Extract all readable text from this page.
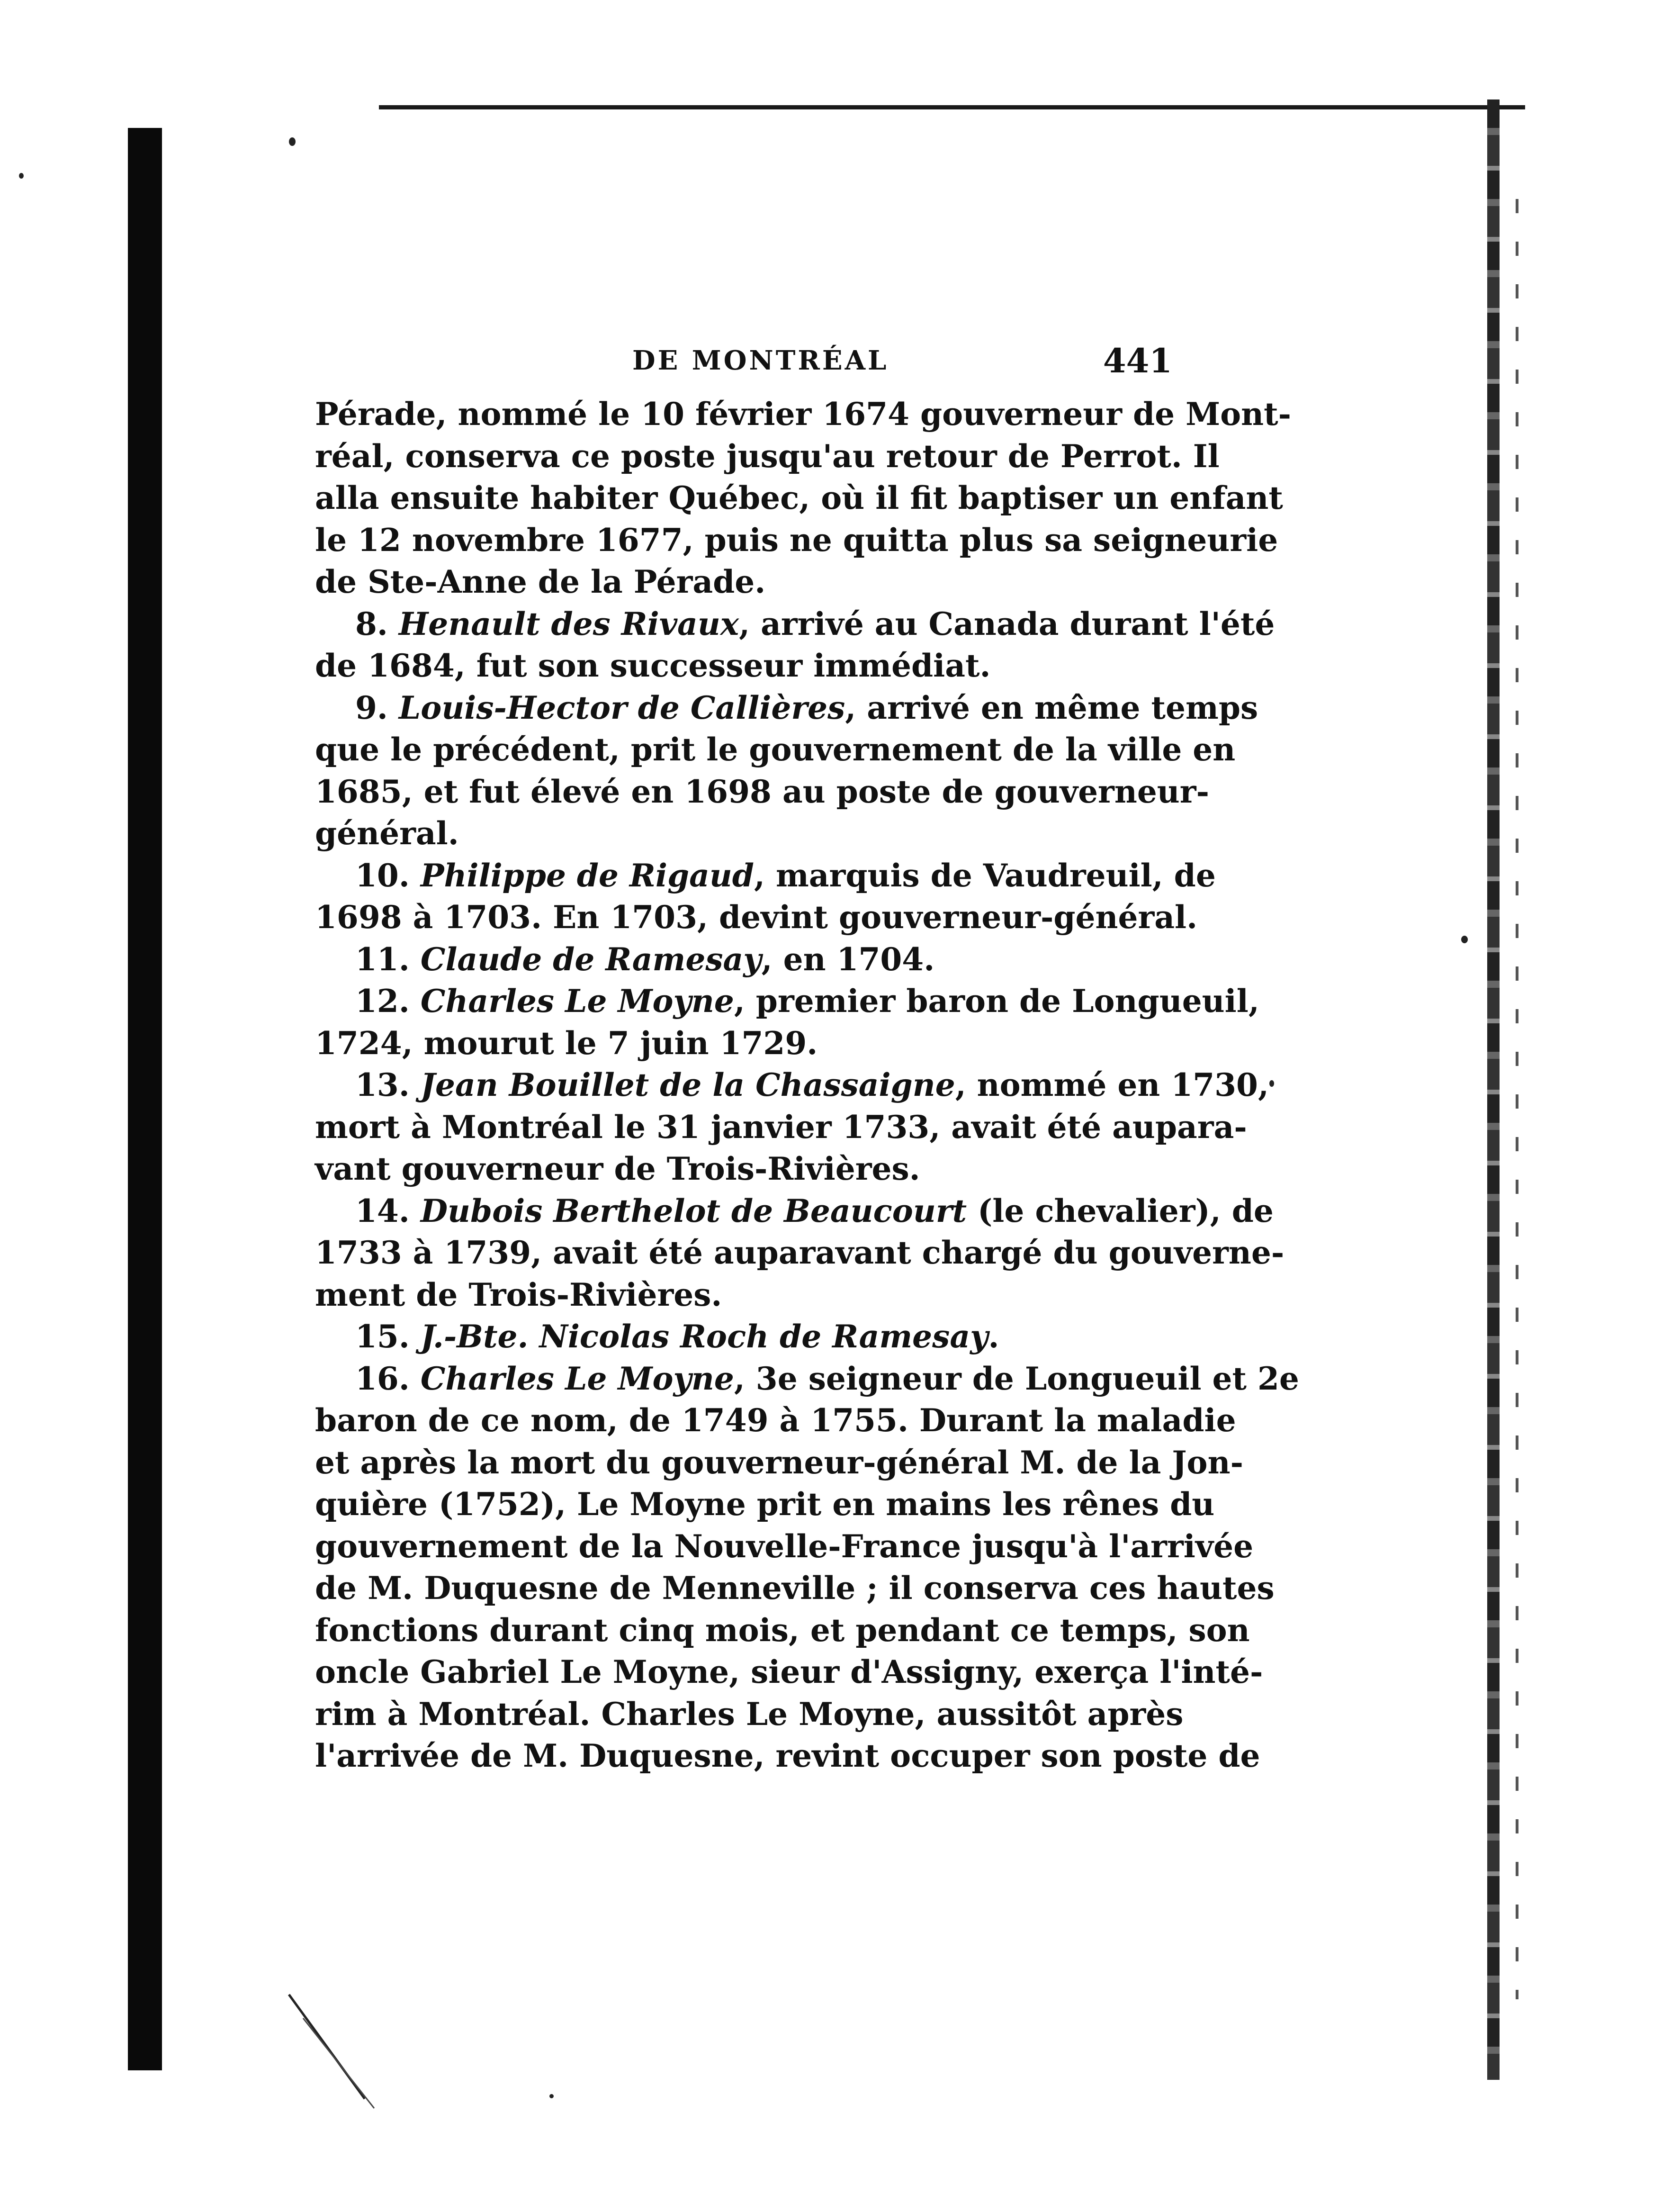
DE MONTRÉAL	441
Pérade, nommé le 10 février 1674 gouverneur de Mont-
réal, conserva ce poste jusqu'au retour de Perrot. Il
alla ensuite habiter Québec, où il fit baptiser un enfant
le 12 novembre 1677, puis ne quitta plus sa seigneurie
de Ste-Anne de la Pérade.
8. Henault des Rivaux, arrivé au Canada durant l'été
de 1684, fut son successeur immédiat.
9. Louis-Hector de Callières, arrivé en même temps
que le précédent, prit le gouvernement de la ville en
1685, et fut élevé en 1698 au poste de gouverneur-
général.
10. Philippe de Rigaud, marquis de Vaudreuil, de
1698 à 1703. En 1703, devint gouverneur-général.
11. Claude de Ramesay, en 1704.
12. Charles Le Moyne, premier baron de Longueuil,
1724, mourut le 7 juin 1729.
13. Jean Bouillet de la Chassaigne, nommé en 1730,
mort à Montréal le 31 janvier 1733, avait été aupara-
vant gouverneur de Trois-Rivières.
14. Dubois Berthelot de Beaucourt (le chevalier), de
1733 à 1739, avait été auparavant chargé du gouverne-
ment de Trois-Rivières.
15. J.-Bte. Nicolas Roch de Ramesay.
16. Charles Le Moyne, 3e seigneur de Longueuil et 2e
baron de ce nom, de 1749 à 1755. Durant la maladie
et après la mort du gouverneur-général M. de la Jon-
quière (1752), Le Moyne prit en mains les rênes du
gouvernement de la Nouvelle-France jusqu'à l'arrivée
de M. Duquesne de Menneville ; il conserva ces hautes
fonctions durant cinq mois, et pendant ce temps, son
oncle Gabriel Le Moyne, sieur d'Assigny, exerça l'inté-
rim à Montréal. Charles Le Moyne, aussitôt après
l'arrivée de M. Duquesne, revint occuper son poste de
